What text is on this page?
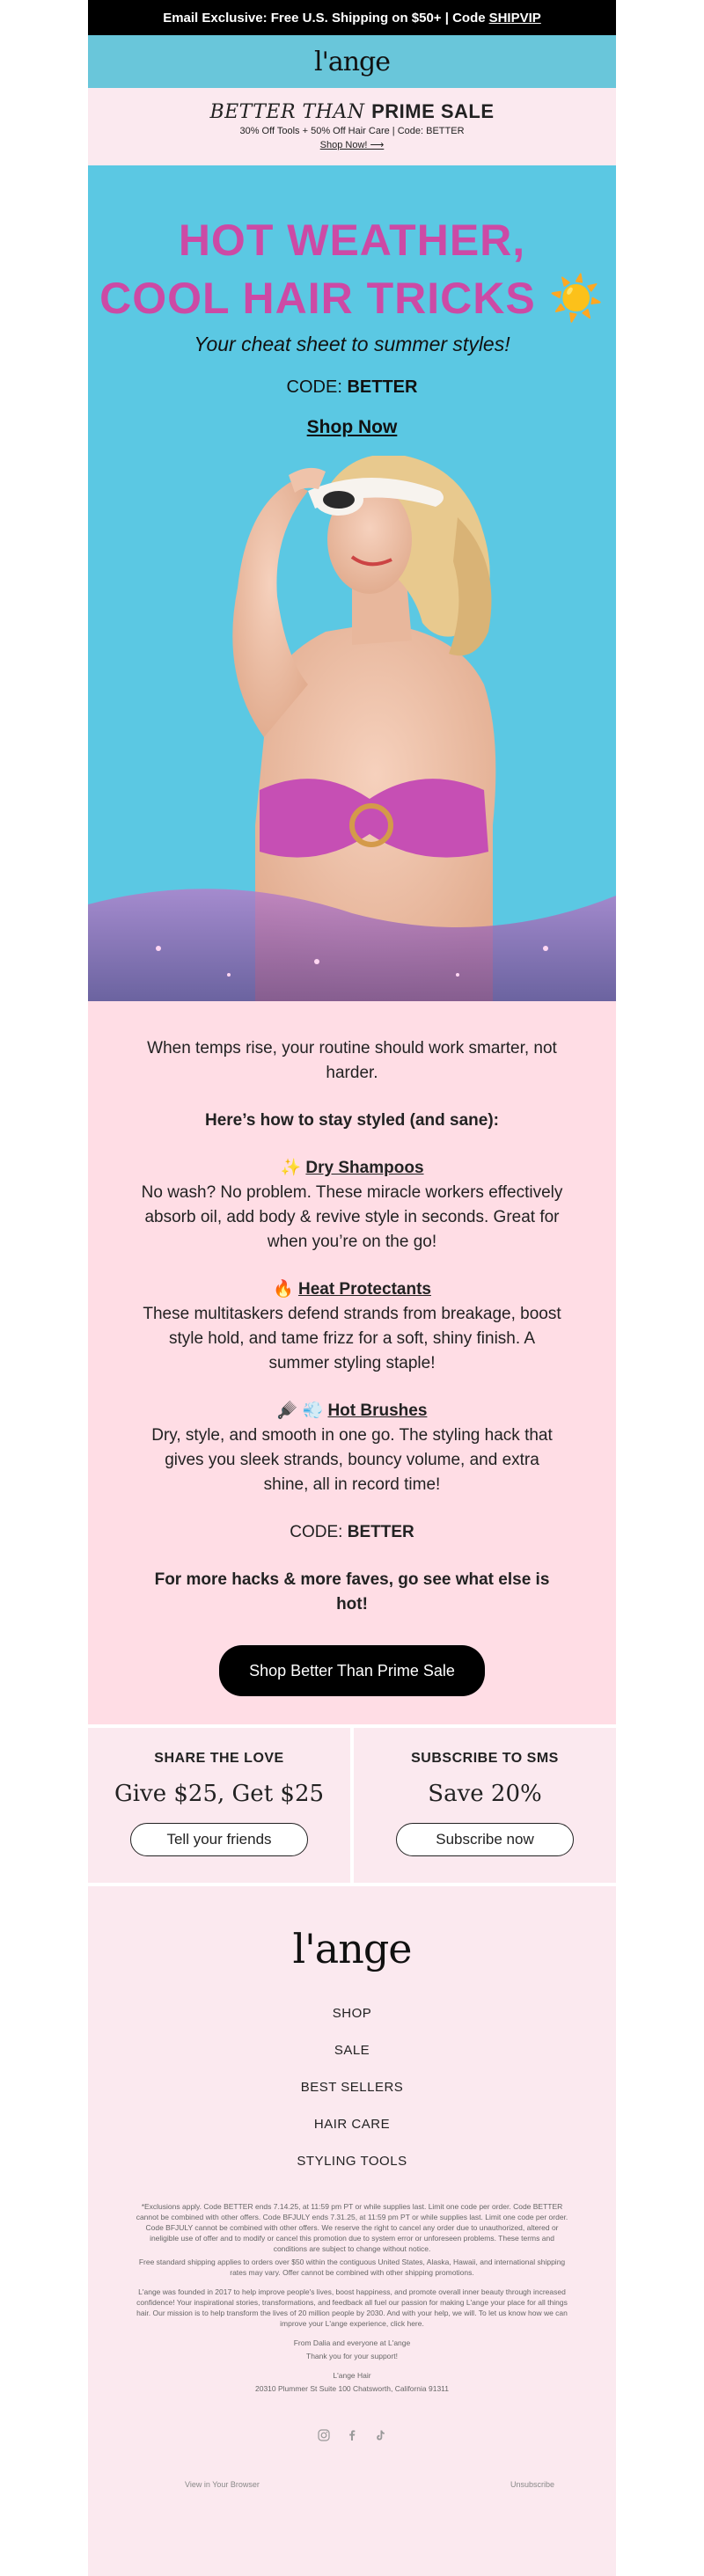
Email Exclusive: Free U.S. Shipping on $50+ | Code SHIPVIP
l'ange
BETTER THAN PRIME SALE
30% Off Tools + 50% Off Hair Care | Code: BETTER
Shop Now! ⟶
HOT WEATHER,
COOL HAIR TRICKS ☀️
Your cheat sheet to summer styles!
CODE: BETTER
Shop Now

When temps rise, your routine should work smarter, not harder.

Here’s how to stay styled (and sane):

✨ Dry Shampoos
No wash? No problem. These miracle workers effectively absorb oil, add body & revive style in seconds. Great for when you’re on the go!

🔥 Heat Protectants
These multitaskers defend strands from breakage, boost style hold, and tame frizz for a soft, shiny finish. A summer styling staple!

🪮 💨 Hot Brushes
Dry, style, and smooth in one go. The styling hack that gives you sleek strands, bouncy volume, and extra shine, all in record time!

CODE: BETTER

For more hacks & more faves, go see what else is hot!

Shop Better Than Prime Sale
SHARE THE LOVE
Give $25, Get $25
Tell your friends
SUBSCRIBE TO SMS
Save 20%
Subscribe now
l'ange
SHOP
SALE
BEST SELLERS
HAIR CARE
STYLING TOOLS

*Exclusions apply. Code BETTER ends 7.14.25, at 11:59 pm PT or while supplies last. Limit one code per order. Code BETTER cannot be combined with other offers. Code BFJULY ends 7.31.25, at 11:59 pm PT or while supplies last. Limit one code per order. Code BFJULY cannot be combined with other offers. We reserve the right to cancel any order due to unauthorized, altered or ineligible use of offer and to modify or cancel this promotion due to system error or unforeseen problems. These terms and conditions are subject to change without notice.

Free standard shipping applies to orders over $50 within the contiguous United States, Alaska, Hawaii, and international shipping rates may vary. Offer cannot be combined with other shipping promotions.

L'ange was founded in 2017 to help improve people's lives, boost happiness, and promote overall inner beauty through increased confidence! Your inspirational stories, transformations, and feedback all fuel our passion for making L'ange your place for all things hair. Our mission is to help transform the lives of 20 million people by 2030. And with your help, we will. To let us know how we can improve your L'ange experience, click here.

From Dalia and everyone at L'ange

Thank you for your support!

L'ange Hair

20310 Plummer St Suite 100 Chatsworth, California 91311

View in Your Browser	Unsubscribe
